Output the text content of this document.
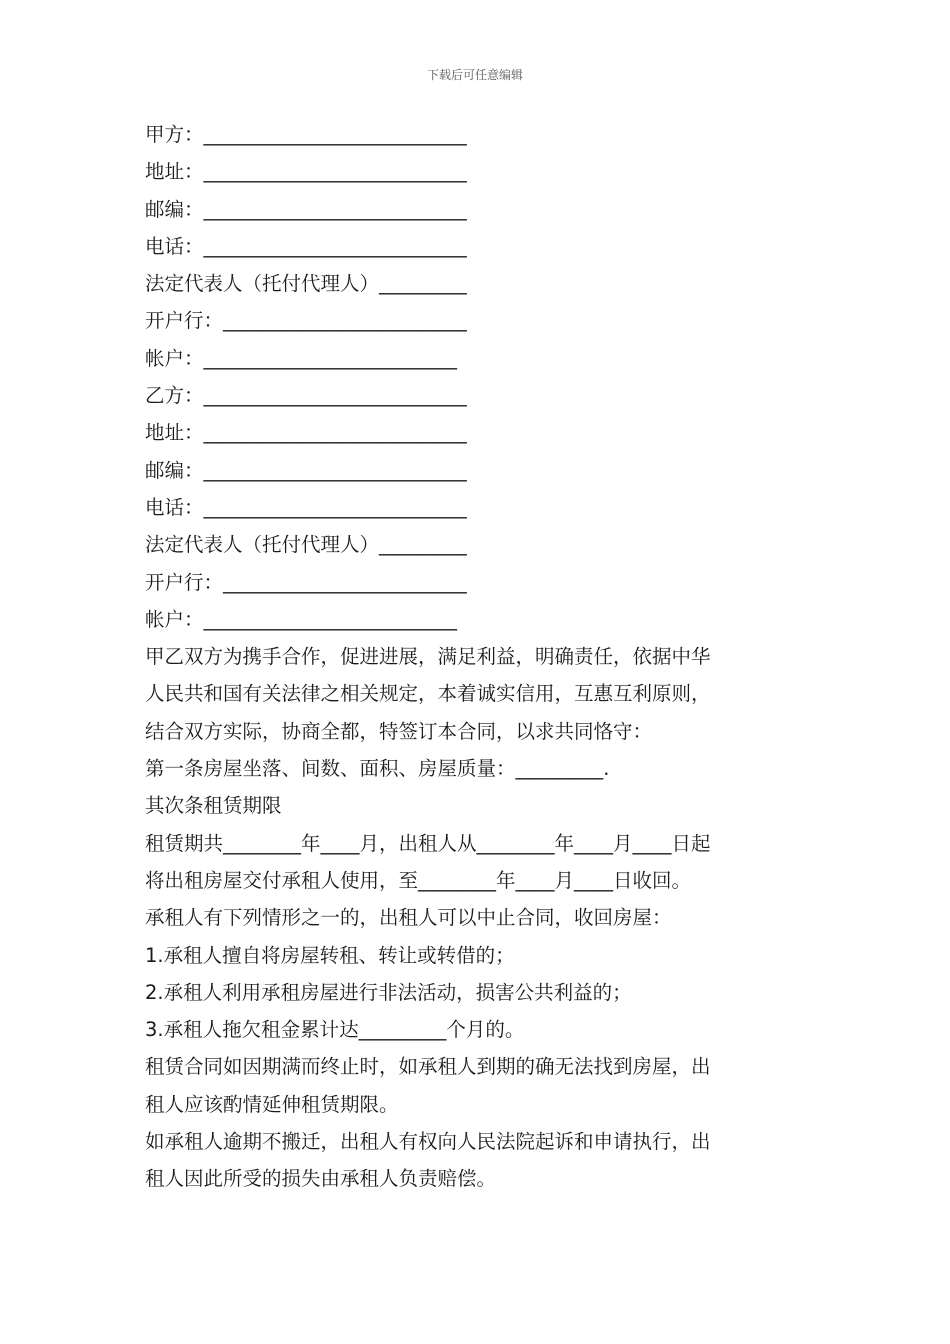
下载后可任意编辑
甲方：___________________________
地址：___________________________
邮编：___________________________
电话：___________________________
法定代表人（托付代理人）_________
开户行：_________________________
帐户：__________________________
乙方：___________________________
地址：___________________________
邮编：___________________________
电话：___________________________
法定代表人（托付代理人）_________
开户行：_________________________
帐户：__________________________
甲乙双方为携手合作，促进进展，满足利益，明确责任，依据中华
人民共和国有关法律之相关规定，本着诚实信用，互惠互利原则，
结合双方实际，协商全都，特签订本合同，以求共同恪守：
第一条房屋坐落、间数、面积、房屋质量：_________.
其次条租赁期限
租赁期共________年____月，出租人从________年____月____日起
将出租房屋交付承租人使用，至________年____月____日收回。
承租人有下列情形之一的，出租人可以中止合同，收回房屋：
1.承租人擅自将房屋转租、转让或转借的；
2.承租人利用承租房屋进行非法活动，损害公共利益的；
3.承租人拖欠租金累计达_________个月的。
租赁合同如因期满而终止时，如承租人到期的确无法找到房屋，出
租人应该酌情延伸租赁期限。
如承租人逾期不搬迁，出租人有权向人民法院起诉和申请执行，出
租人因此所受的损失由承租人负责赔偿。
